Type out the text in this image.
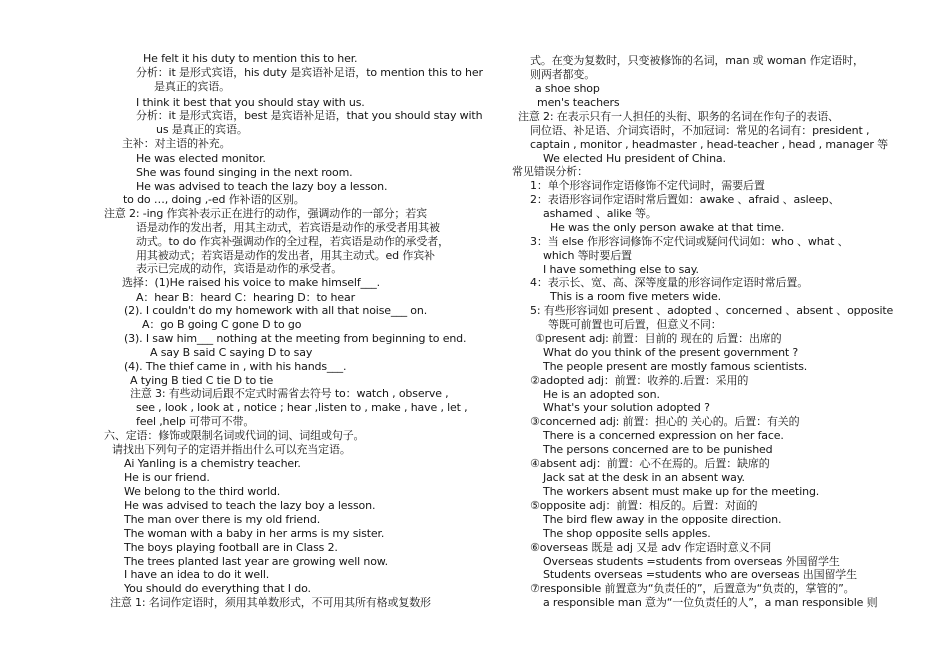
He felt it his duty to mention this to her.
分析：it 是形式宾语，his duty 是宾语补足语，to mention this to her
是真正的宾语。
I think it best that you should stay with us.
分析：it 是形式宾语，best 是宾语补足语，that you should stay with
us 是真正的宾语。
主补：对主语的补充。
He was elected monitor.
She was found singing in the next room.
He was advised to teach the lazy boy a lesson.
to do …, doing ,-ed 作补语的区别。
注意 2: -ing 作宾补表示正在进行的动作，强调动作的一部分；若宾
语是动作的发出者，用其主动式，若宾语是动作的承受者用其被
动式。to do 作宾补强调动作的全过程，若宾语是动作的承受者，
用其被动式；若宾语是动作的发出者，用其主动式。ed 作宾补
表示已完成的动作，宾语是动作的承受者。
选择：(1)He raised his voice to make himself___.
A：hear B：heard C：hearing D：to hear
(2). I couldn't do my homework with all that noise___ on.
A：go B going C gone D to go
(3). I saw him___ nothing at the meeting from beginning to end.
A say B said C saying D to say
(4). The thief came in , with his hands___.
A tying B tied C tie D to tie
注意 3: 有些动词后跟不定式时需省去符号 to：watch , observe ,
see , look , look at , notice ; hear ,listen to , make , have , let ,
feel ,help 可带可不带。
六、定语：修饰或限制名词或代词的词、词组或句子。
请找出下列句子的定语并指出什么可以充当定语。
Ai Yanling is a chemistry teacher.
He is our friend.
We belong to the third world.
He was advised to teach the lazy boy a lesson.
The man over there is my old friend.
The woman with a baby in her arms is my sister.
The boys playing football are in Class 2.
The trees planted last year are growing well now.
I have an idea to do it well.
You should do everything that I do.
注意 1: 名词作定语时，须用其单数形式，不可用其所有格或复数形
式。在变为复数时，只变被修饰的名词，man 或 woman 作定语时，
则两者都变。
a shoe shop
men's teachers
注意 2: 在表示只有一人担任的头衔、职务的名词在作句子的表语、
同位语、补足语、介词宾语时，不加冠词：常见的名词有：president ,
captain , monitor , headmaster , head-teacher , head , manager 等
We elected Hu president of China.
常见错误分析：
1：单个形容词作定语修饰不定代词时，需要后置
2：表语形容词作定语时常后置如：awake 、afraid 、asleep、
ashamed 、alike 等。
He was the only person awake at that time.
3：当 else 作形容词修饰不定代词或疑问代词如：who 、what 、
which 等时要后置
I have something else to say.
4：表示长、宽、高、深等度量的形容词作定语时常后置。
This is a room five meters wide.
5: 有些形容词如 present 、adopted 、concerned 、absent 、opposite
等既可前置也可后置，但意义不同：
①present adj: 前置：目前的 现在的 后置：出席的
What do you think of the present government ?
The people present are mostly famous scientists.
②adopted adj：前置：收养的.后置：采用的
He is an adopted son.
What's your solution adopted ?
③concerned adj: 前置：担心的 关心的。后置：有关的
There is a concerned expression on her face.
The persons concerned are to be punished
④absent adj：前置：心不在焉的。后置：缺席的
Jack sat at the desk in an absent way.
The workers absent must make up for the meeting.
⑤opposite adj：前置：相反的。后置：对面的
The bird flew away in the opposite direction.
The shop opposite sells apples.
⑥overseas 既是 adj 又是 adv 作定语时意义不同
Overseas students =students from overseas 外国留学生
Students overseas =students who are overseas 出国留学生
⑦responsible 前置意为“负责任的”，后置意为“负责的，掌管的”。
a responsible man 意为“一位负责任的人”，a man responsible 则
